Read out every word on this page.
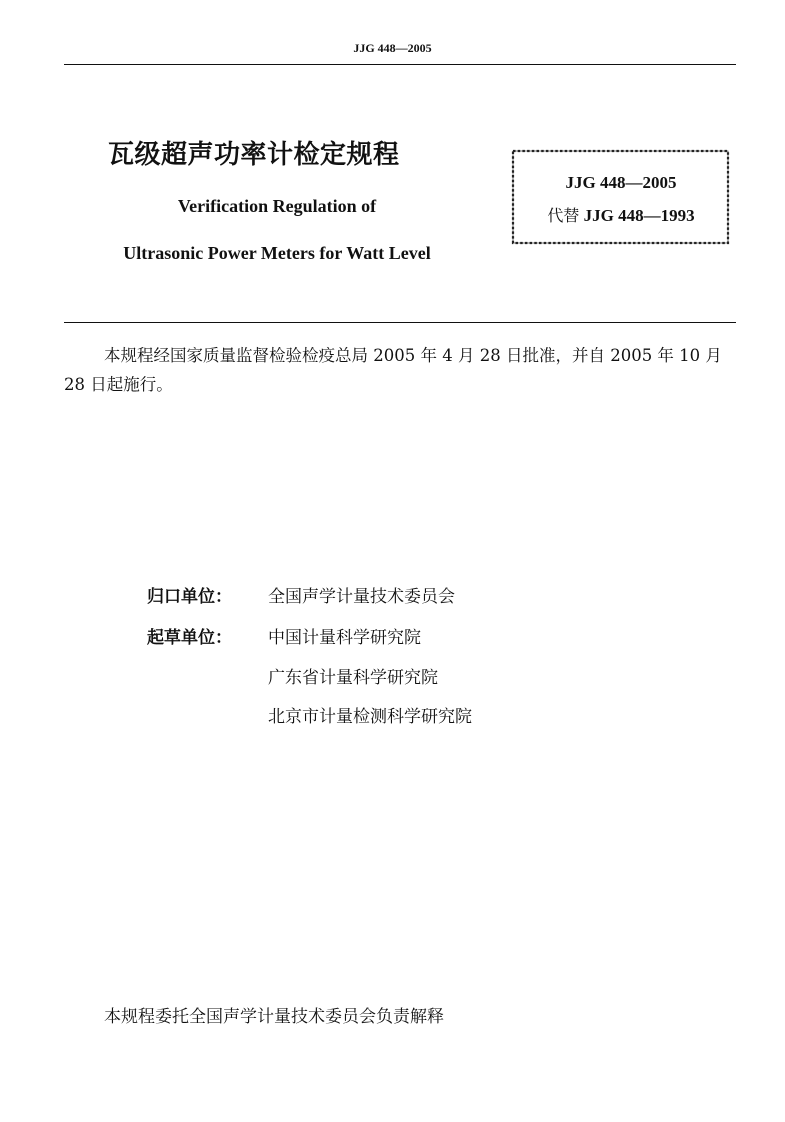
JJG 448—2005
瓦级超声功率计检定规程
Verification Regulation of
Ultrasonic Power Meters for Watt Level
JJG 448—2005
代替 JJG 448—1993
本规程经国家质量监督检验检疫总局 2005 年 4 月 28 日批准，并自 2005 年 10 月 28 日起施行。
归口单位： 全国声学计量技术委员会
起草单位： 中国计量科学研究院
广东省计量科学研究院
北京市计量检测科学研究院
本规程委托全国声学计量技术委员会负责解释
